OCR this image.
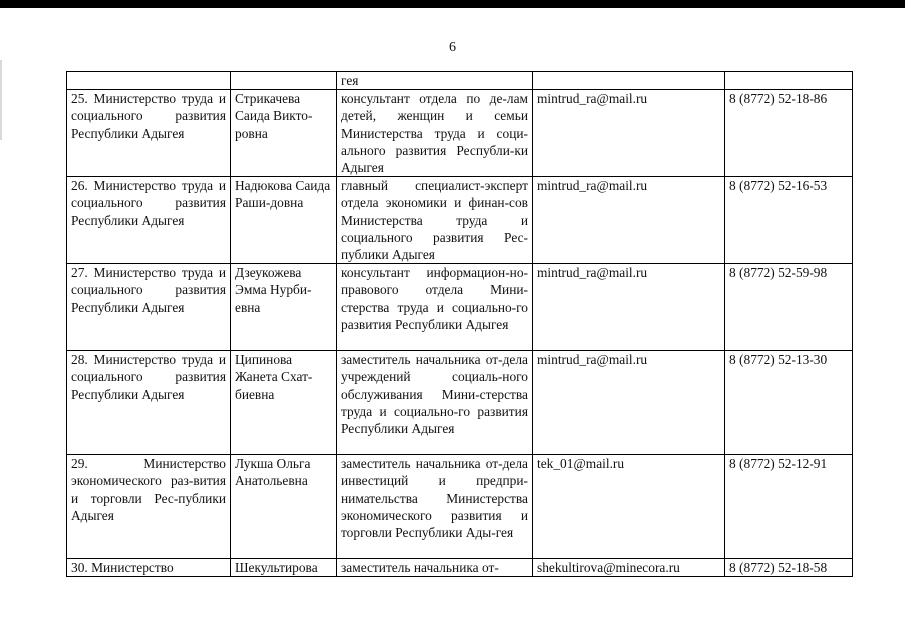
6
		гея		
25. Министерство труда и социального развития Республики Адыгея	Стрикачева Саида Викто-ровна	консультант отдела по де-лам детей, женщин и семьи Министерства труда и соци-ального развития Республи-ки Адыгея	mintrud_ra@mail.ru	8 (8772) 52-18-86
26. Министерство труда и социального развития Республики Адыгея	Надюкова Саида Раши-довна	главный специалист-эксперт отдела экономики и финан-сов Министерства труда и социального развития Рес-публики Адыгея	mintrud_ra@mail.ru	8 (8772) 52-16-53
27. Министерство труда и социального развития Республики Адыгея	Дзеукожева Эмма Нурби-евна	консультант информацион-но-правового отдела Мини-стерства труда и социально-го развития Республики Адыгея	mintrud_ra@mail.ru	8 (8772) 52-59-98
28. Министерство труда и социального развития Республики Адыгея	Ципинова Жанета Схат-биевна	заместитель начальника от-дела учреждений социаль-ного обслуживания Мини-стерства труда и социально-го развития Республики Адыгея	mintrud_ra@mail.ru	8 (8772) 52-13-30
29. Министерство экономического раз-вития и торговли Рес-публики Адыгея	Лукша Ольга Анатольевна	заместитель начальника от-дела инвестиций и предпри-нимательства Министерства экономического развития и торговли Республики Ады-гея	tek_01@mail.ru	8 (8772) 52-12-91
30. Министерство	Шекультирова	заместитель начальника от-	shekultirova@minecora.ru	8 (8772) 52-18-58
